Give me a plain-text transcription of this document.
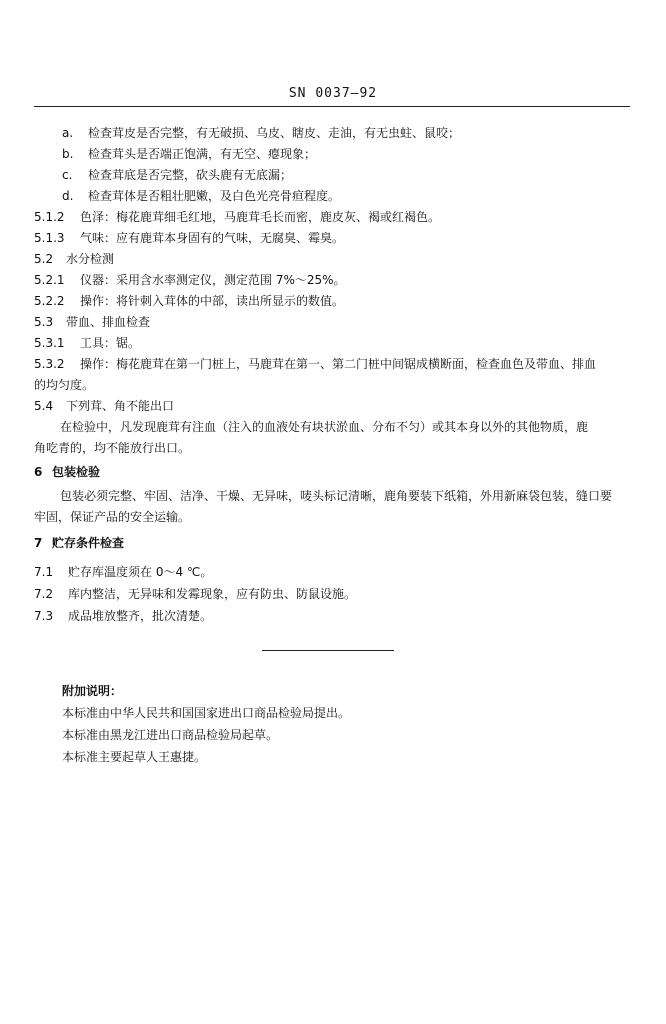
SN 0037—92
a. 检查茸皮是否完整，有无破损、乌皮、瞎皮、走油，有无虫蛀、鼠咬；
b. 检查茸头是否端正饱满，有无空、瘪现象；
c. 检查茸底是否完整，砍头鹿有无底漏；
d. 检查茸体是否粗壮肥嫩，及白色光亮骨疸程度。
5.1.2 色泽：梅花鹿茸细毛红地，马鹿茸毛长而密，鹿皮灰、褐或红褐色。
5.1.3 气味：应有鹿茸本身固有的气味，无腐臭、霉臭。
5.2 水分检测
5.2.1 仪器：采用含水率测定仪，测定范围 7%～25%。
5.2.2 操作：将针刺入茸体的中部，读出所显示的数值。
5.3 带血、排血检查
5.3.1 工具：锯。
5.3.2 操作：梅花鹿茸在第一门桩上，马鹿茸在第一、第二门桩中间锯成横断面，检查血色及带血、排血
的均匀度。
5.4 下列茸、角不能出口
在检验中，凡发现鹿茸有注血（注入的血液处有块状淤血、分布不匀）或其本身以外的其他物质，鹿
角吃青的，均不能放行出口。
6 包装检验
包装必须完整、牢固、洁净、干燥、无异味，唛头标记清晰，鹿角要装下纸箱，外用新麻袋包装，缝口要
牢固，保证产品的安全运输。
7 贮存条件检查
7.1 贮存库温度须在 0～4 ℃。
7.2 库内整洁，无异味和发霉现象，应有防虫、防鼠设施。
7.3 成品堆放整齐，批次清楚。
附加说明：
本标准由中华人民共和国国家进出口商品检验局提出。
本标准由黑龙江进出口商品检验局起草。
本标准主要起草人王惠捷。
